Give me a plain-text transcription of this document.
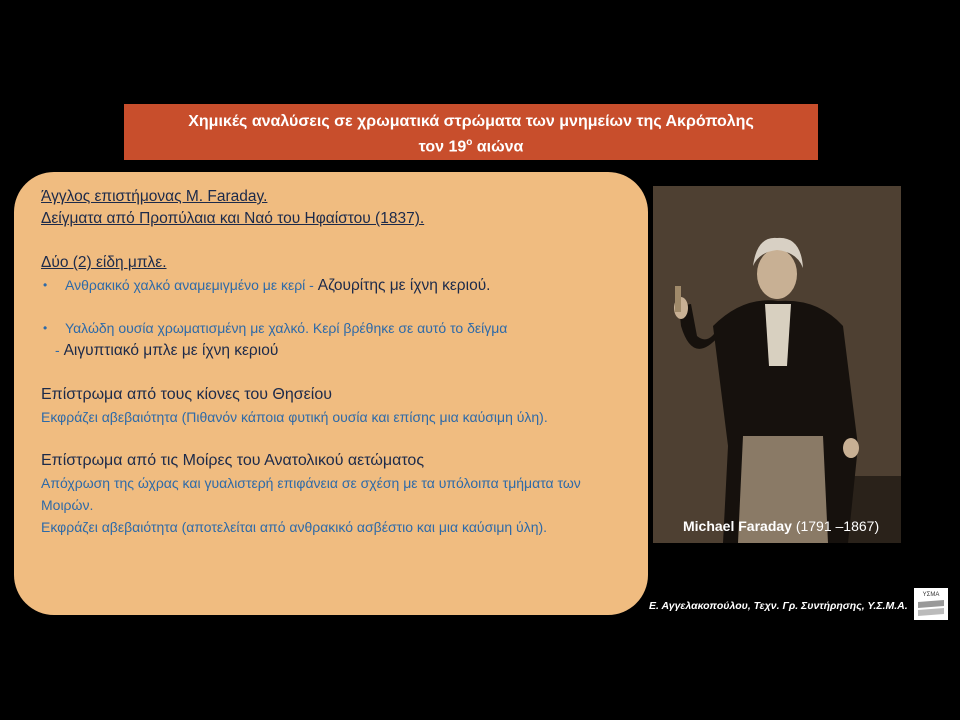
Χημικές αναλύσεις σε χρωματικά στρώματα των μνημείων της Ακρόπολης
τον $19^o$ αιώνα

Άγγλος επιστήμονας Μ. Faraday.

Δείγματα από Προπύλαια και Ναό του Ηφαίστου (1837).

Δύο (2) είδη μπλε.

• Ανθρακικό χαλκό αναμεμιγμένο με κερί - Αζουρίτης με ίχνη κεριού.

• Υαλώδη ουσία χρωματισμένη με χαλκό. Κερί βρέθηκε σε αυτό το δείγμα

- Αιγυπτιακό μπλε με ίχνη κεριού

Επίστρωμα από τους κίονες του Θησείου

Εκφράζει αβεβαιότητα (Πιθανόν κάποια φυτική ουσία και επίσης μια καύσιμη ύλη).

Επίστρωμα από τις Μοίρες του Ανατολικού αετώματος

Απόχρωση της ώχρας και γυαλιστερή επιφάνεια σε σχέση με τα υπόλοιπα τμήματα των Μοιρών.

Εκφράζει αβεβαιότητα (αποτελείται από ανθρακικό ασβέστιο και μια καύσιμη ύλη).	Michael Faraday (1791 –1867)
Ε. Αγγελακοπούλου, Τεχν. Γρ. Συντήρησης, Υ.Σ.Μ.Α.
ΥΣΜΑ
